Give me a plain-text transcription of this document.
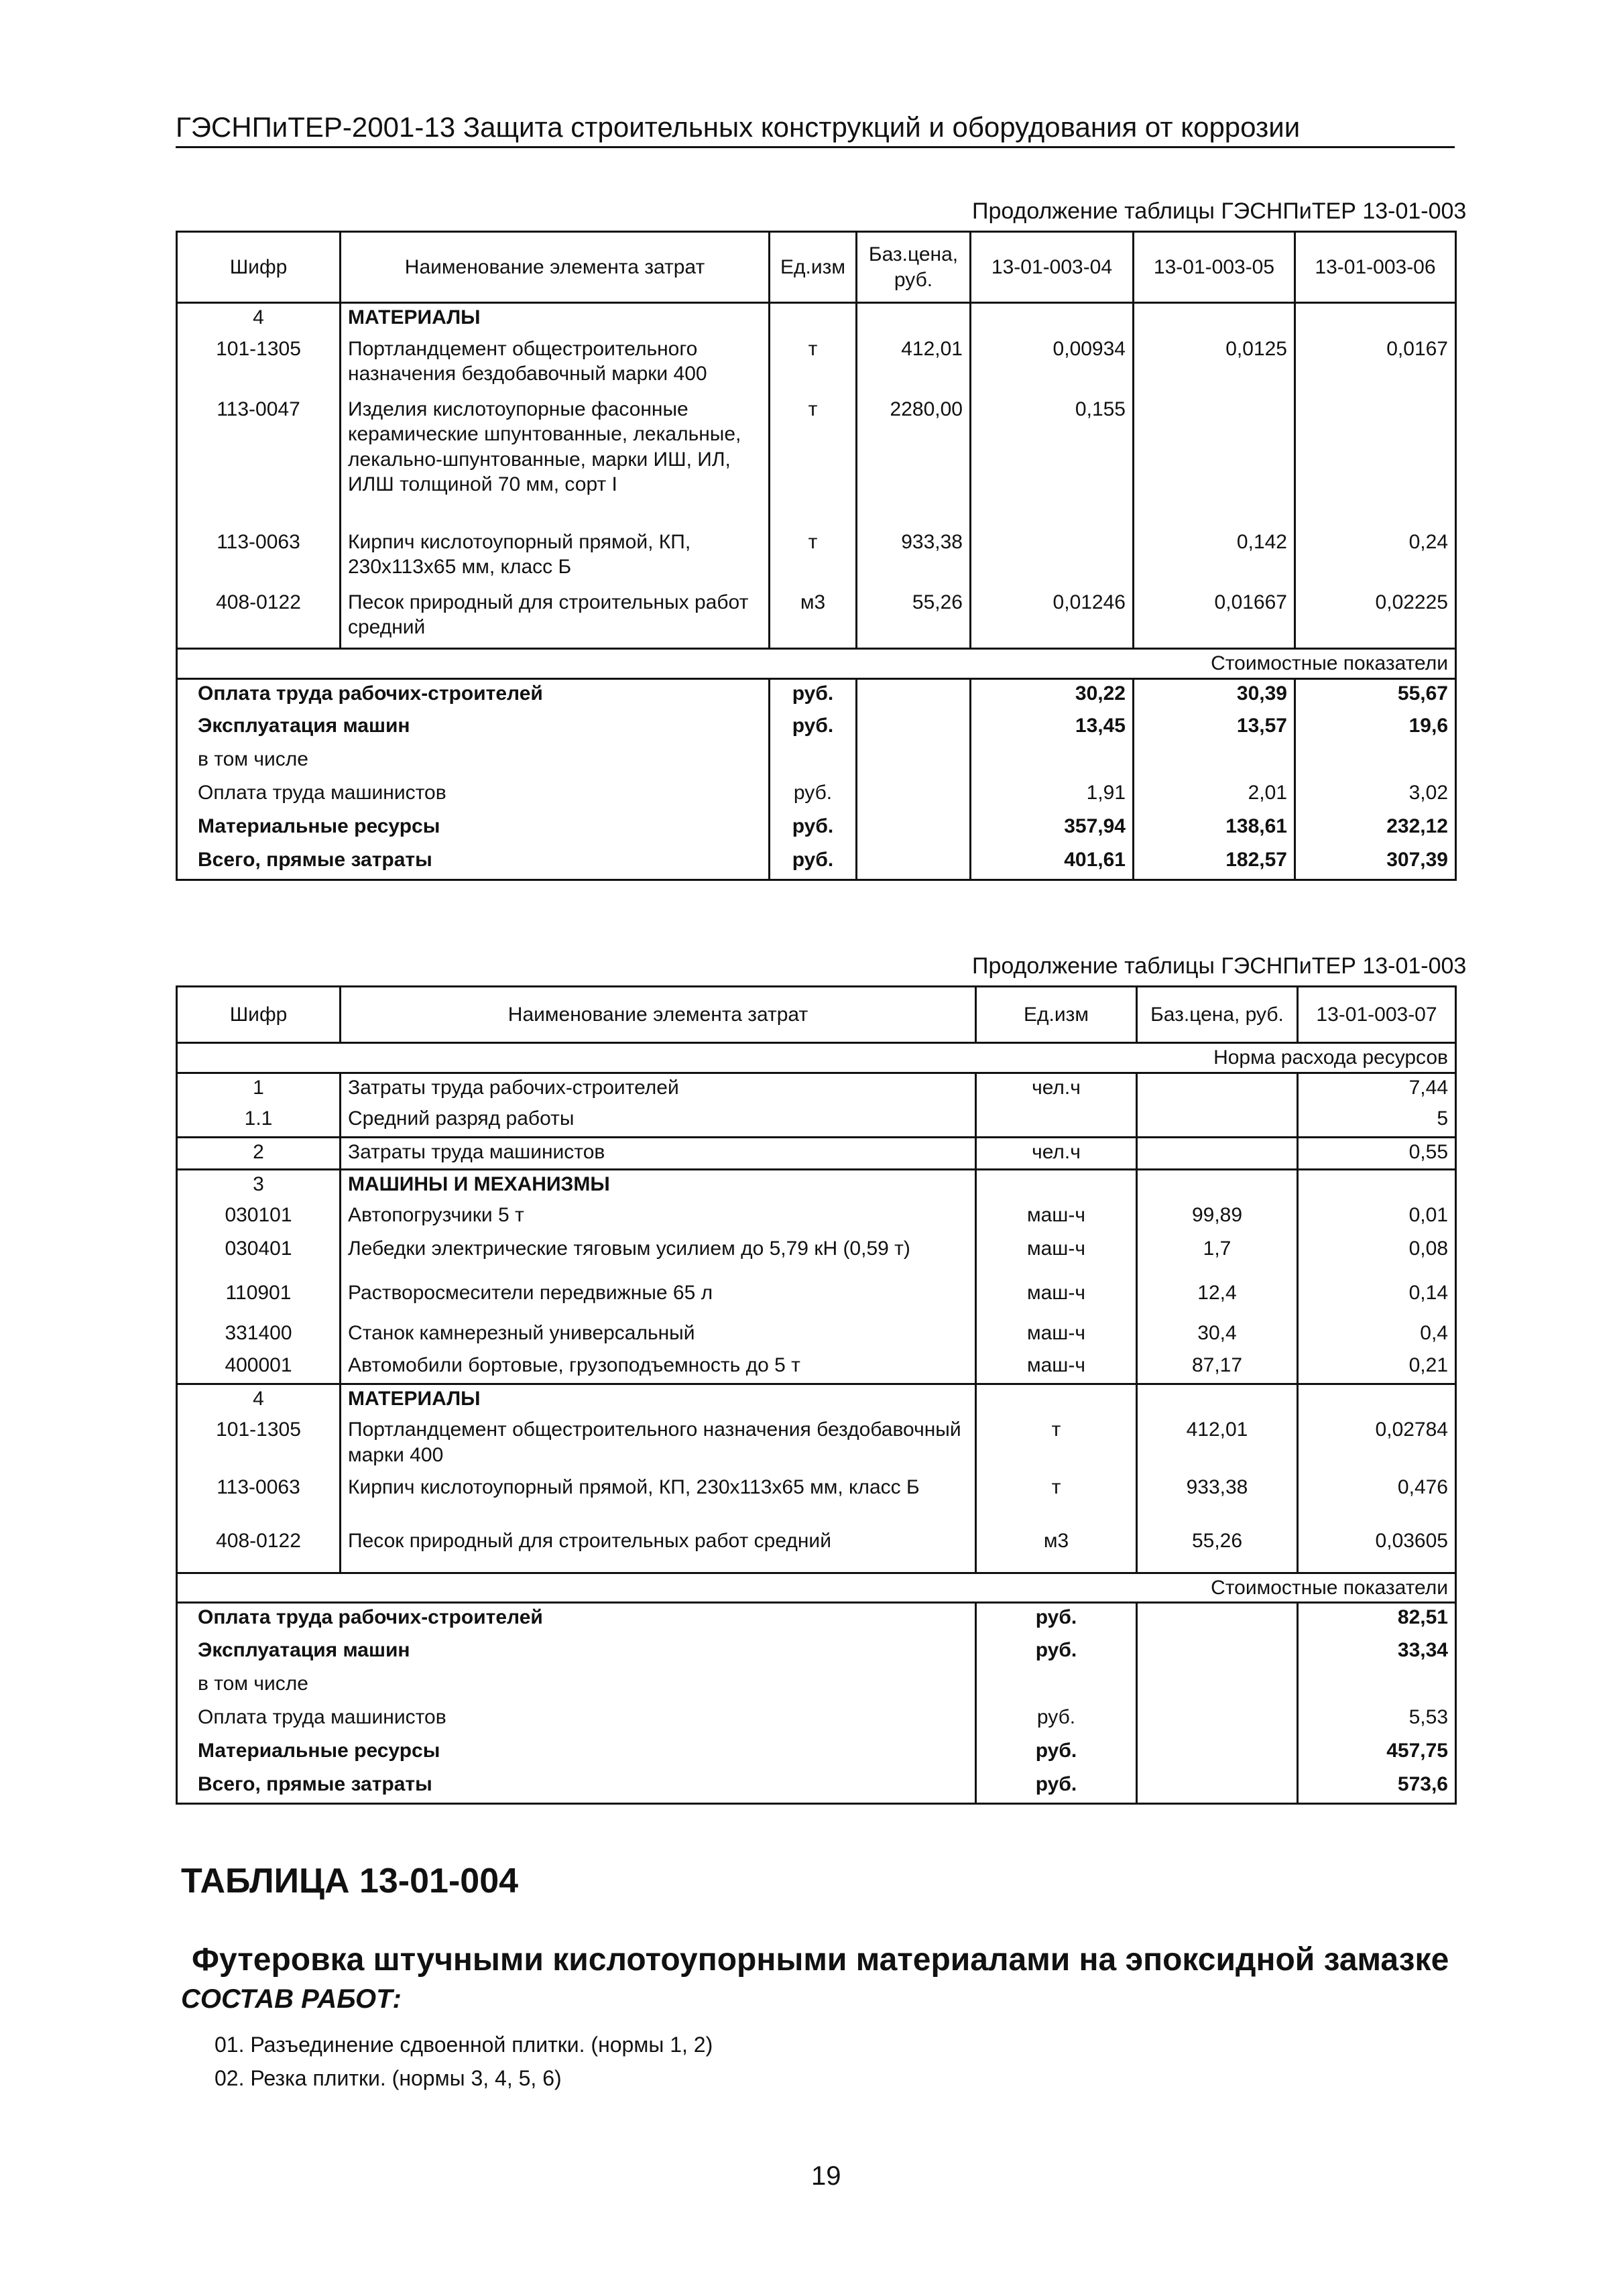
ГЭСНПиТЕР-2001-13 Защита строительных конструкций и оборудования от коррозии
Продолжение таблицы ГЭСНПиТЕР 13-01-003
Шифр	Наименование элемента затрат	Ед.изм	Баз.цена, руб.	13-01-003-04	13-01-003-05	13-01-003-06
4	МАТЕРИАЛЫ					
101-1305	Портландцемент общестроительного назначения бездобавочный марки 400	т	412,01	0,00934	0,0125	0,0167
113-0047	Изделия кислотоупорные фасонные керамические шпунтованные, лекальные, лекально-шпунтованные, марки ИШ, ИЛ, ИЛШ толщиной 70 мм, сорт I	т	2280,00	0,155		
113-0063	Кирпич кислотоупорный прямой, КП, 230x113x65 мм, класс Б	т	933,38		0,142	0,24
408-0122	Песок природный для строительных работ средний	м3	55,26	0,01246	0,01667	0,02225
Стоимостные показатели						
Оплата труда рабочих-строителей		руб.		30,22	30,39	55,67
Эксплуатация машин		руб.		13,45	13,57	19,6
в том числе						
Оплата труда машинистов		руб.		1,91	2,01	3,02
Материальные ресурсы		руб.		357,94	138,61	232,12
Всего, прямые затраты		руб.		401,61	182,57	307,39
Продолжение таблицы ГЭСНПиТЕР 13-01-003
Шифр	Наименование элемента затрат	Ед.изм	Баз.цена, руб.	13-01-003-07
Норма расхода ресурсов				
1	Затраты труда рабочих-строителей	чел.ч		7,44
1.1	Средний разряд работы			5
2	Затраты труда машинистов	чел.ч		0,55
3	МАШИНЫ И МЕХАНИЗМЫ			
030101	Автопогрузчики 5 т	маш-ч	99,89	0,01
030401	Лебедки электрические тяговым усилием до 5,79 кН (0,59 т)	маш-ч	1,7	0,08
110901	Растворосмесители передвижные 65 л	маш-ч	12,4	0,14
331400	Станок камнерезный универсальный	маш-ч	30,4	0,4
400001	Автомобили бортовые, грузоподъемность до 5 т	маш-ч	87,17	0,21
4	МАТЕРИАЛЫ			
101-1305	Портландцемент общестроительного назначения бездобавочный марки 400	т	412,01	0,02784
113-0063	Кирпич кислотоупорный прямой, КП, 230x113x65 мм, класс Б	т	933,38	0,476
408-0122	Песок природный для строительных работ средний	м3	55,26	0,03605
Стоимостные показатели				
Оплата труда рабочих-строителей		руб.		82,51
Эксплуатация машин		руб.		33,34
в том числе				
Оплата труда машинистов		руб.		5,53
Материальные ресурсы		руб.		457,75
Всего, прямые затраты		руб.		573,6
ТАБЛИЦА 13-01-004
Футеровка штучными кислотоупорными материалами на эпоксидной замазке
СОСТАВ РАБОТ:
01. Разъединение сдвоенной плитки. (нормы 1, 2)
02. Резка плитки. (нормы 3, 4, 5, 6)
19
